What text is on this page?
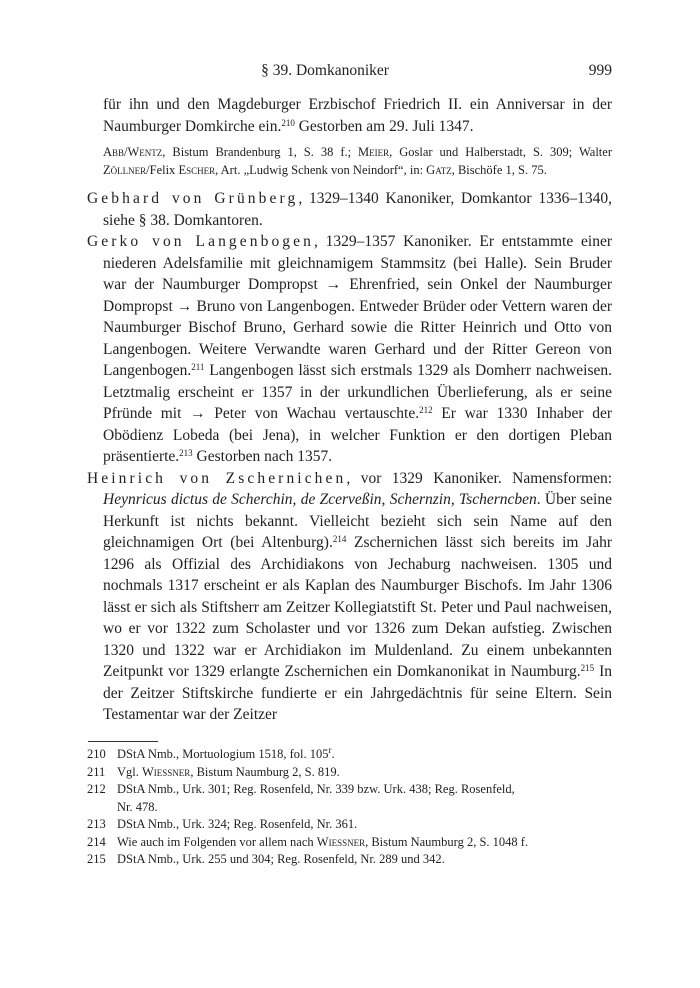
§ 39. Domkanoniker	999

für ihn und den Magdeburger Erzbischof Friedrich II. ein Anniversar in der Naumburger Domkirche ein.$^{210}$ Gestorben am 29. Juli 1347.

Abb/Wentz, Bistum Brandenburg 1, S. 38 f.; Meier, Goslar und Halberstadt, S. 309; Walter Zöllner/Felix Escher, Art. „Ludwig Schenk von Neindorf“, in: Gatz, Bischöfe 1, S. 75.

Gebhard von Grünberg, 1329–1340 Kanoniker, Domkantor 1336–1340, siehe § 38. Domkantoren.

Gerko von Langenbogen, 1329–1357 Kanoniker. Er entstammte einer niederen Adelsfamilie mit gleichnamigem Stammsitz (bei Halle). Sein Bruder war der Naumburger Dompropst → Ehrenfried, sein Onkel der Naumburger Dompropst → Bruno von Langenbogen. Entweder Brüder oder Vettern waren der Naumburger Bischof Bruno, Gerhard sowie die Ritter Heinrich und Otto von Langenbogen. Weitere Verwandte waren Gerhard und der Ritter Gereon von Langenbogen.$^{211}$ Langenbogen lässt sich erstmals 1329 als Domherr nachweisen. Letztmalig erscheint er 1357 in der urkundlichen Überlieferung, als er seine Pfründe mit → Peter von Wachau vertauschte.$^{212}$ Er war 1330 Inhaber der Obödienz Lobeda (bei Jena), in welcher Funktion er den dortigen Pleban präsentierte.$^{213}$ Gestorben nach 1357.

Heinrich von Zschernichen, vor 1329 Kanoniker. Namensformen: Heynricus dictus de Scherchin, de Zcerveßin, Schernzin, Tscherncben. Über seine Herkunft ist nichts bekannt. Vielleicht bezieht sich sein Name auf den gleichnamigen Ort (bei Altenburg).$^{214}$ Zschernichen lässt sich bereits im Jahr 1296 als Offizial des Archidiakons von Jechaburg nachweisen. 1305 und nochmals 1317 erscheint er als Kaplan des Naumburger Bischofs. Im Jahr 1306 lässt er sich als Stiftsherr am Zeitzer Kollegiatstift St. Peter und Paul nachweisen, wo er vor 1322 zum Scholaster und vor 1326 zum Dekan aufstieg. Zwischen 1320 und 1322 war er Archidiakon im Muldenland. Zu einem unbekannten Zeitpunkt vor 1329 erlangte Zschernichen ein Domkanonikat in Naumburg.$^{215}$ In der Zeitzer Stiftskirche fundierte er ein Jahrgedächtnis für seine Eltern. Sein Testamentar war der Zeitzer

210 DStA Nmb., Mortuologium 1518, fol. 105$^r$.
211 Vgl. Wiessner, Bistum Naumburg 2, S. 819.
212 DStA Nmb., Urk. 301; Reg. Rosenfeld, Nr. 339 bzw. Urk. 438; Reg. Rosenfeld,
Nr. 478.
213 DStA Nmb., Urk. 324; Reg. Rosenfeld, Nr. 361.
214 Wie auch im Folgenden vor allem nach Wiessner, Bistum Naumburg 2, S. 1048 f.
215 DStA Nmb., Urk. 255 und 304; Reg. Rosenfeld, Nr. 289 und 342.
